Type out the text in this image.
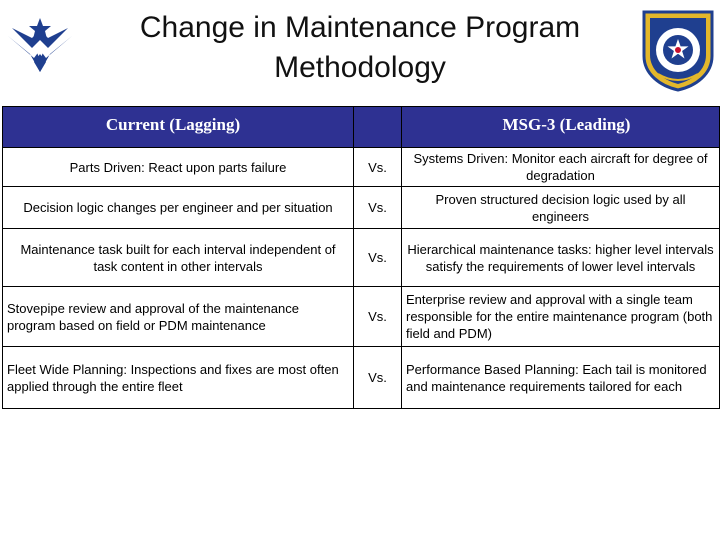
Change in Maintenance Program
Methodology
Current (Lagging)		MSG-3 (Leading)

Parts Driven: React upon parts failure	Vs.	Systems Driven: Monitor each aircraft for degree of degradation
Decision logic changes per engineer and per situation	Vs.	Proven structured decision logic used by all engineers
Maintenance task built for each interval independent of task content in other intervals	Vs.	Hierarchical maintenance tasks: higher level intervals satisfy the requirements of lower level intervals
Stovepipe review and approval of the maintenance program based on field or PDM maintenance	Vs.	Enterprise review and approval with a single team responsible for the entire maintenance program (both field and PDM)
Fleet Wide Planning: Inspections and fixes are most often applied through the entire fleet	Vs.	Performance Based Planning: Each tail is monitored and maintenance requirements tailored for each
